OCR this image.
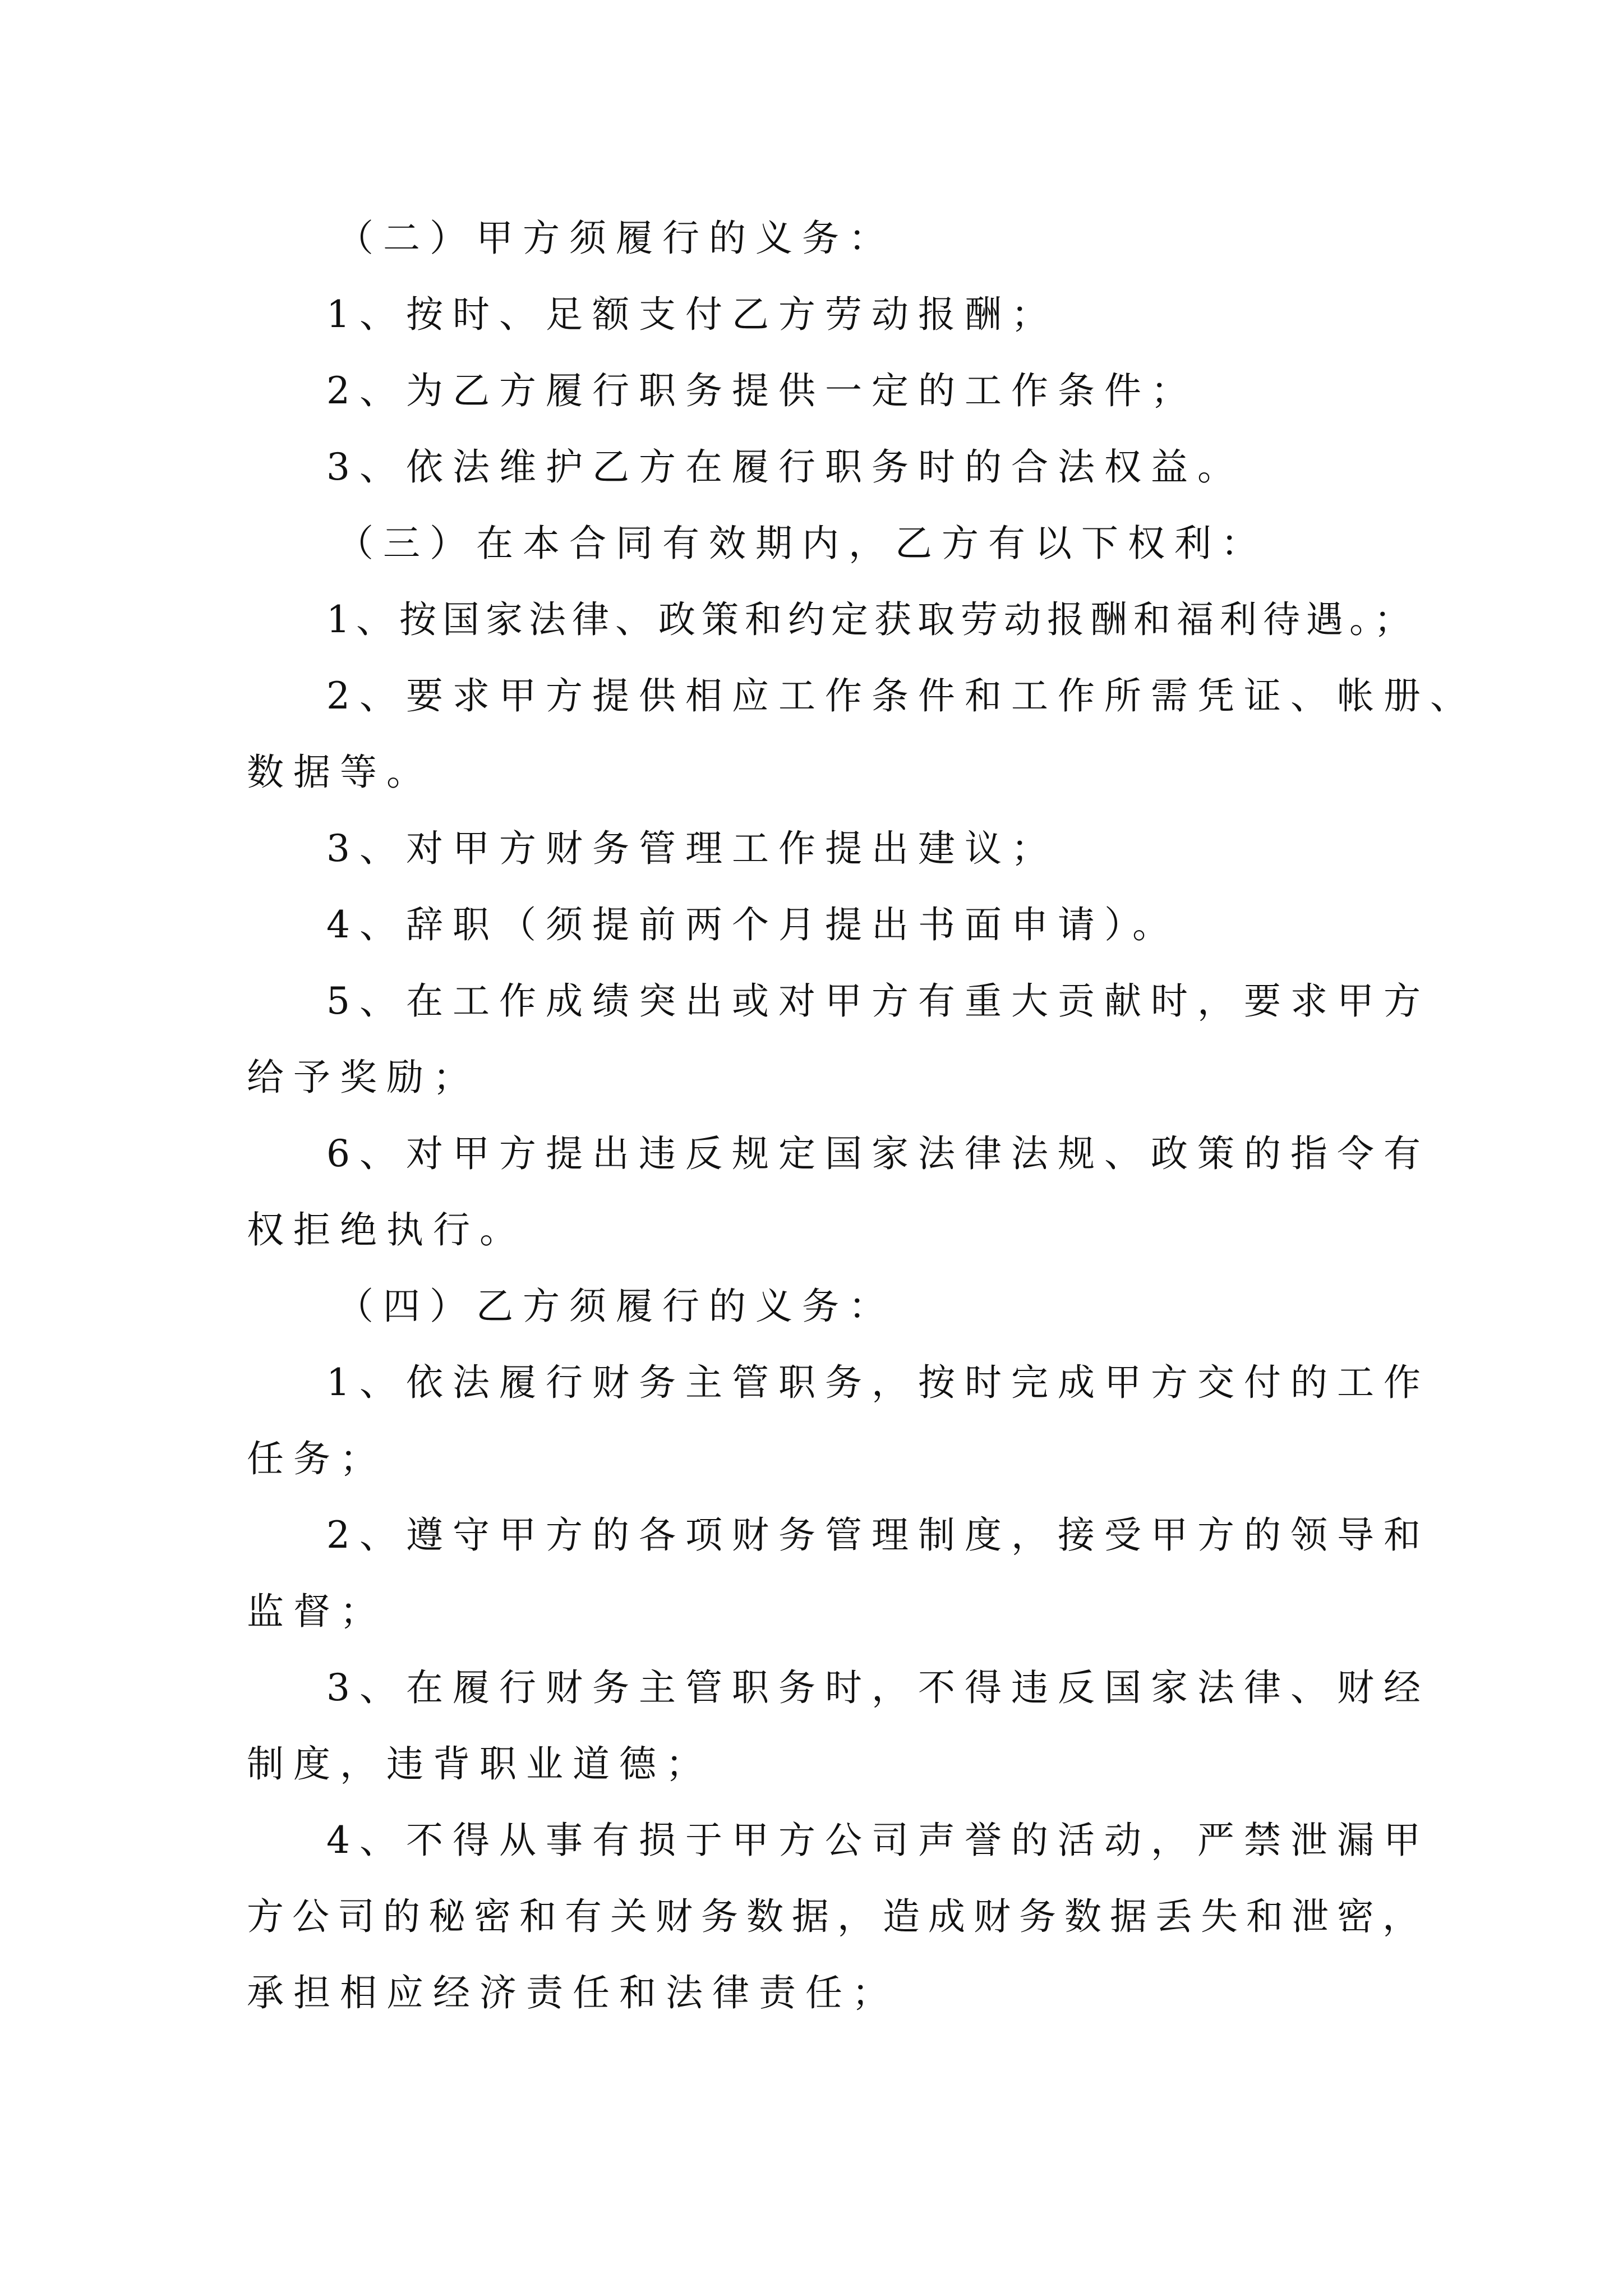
（二）甲方须履行的义务：
1、按时、足额支付乙方劳动报酬；
2、为乙方履行职务提供一定的工作条件；
3、依法维护乙方在履行职务时的合法权益。
（三）在本合同有效期内，乙方有以下权利：
1、按国家法律、政策和约定获取劳动报酬和福利待遇。；
2、要求甲方提供相应工作条件和工作所需凭证、帐册、
数据等。
3、对甲方财务管理工作提出建议；
4、辞职（须提前两个月提出书面申请）。
5、在工作成绩突出或对甲方有重大贡献时，要求甲方
给予奖励；
6、对甲方提出违反规定国家法律法规、政策的指令有
权拒绝执行。
（四）乙方须履行的义务：
1、依法履行财务主管职务，按时完成甲方交付的工作
任务；
2、遵守甲方的各项财务管理制度，接受甲方的领导和
监督；
3、在履行财务主管职务时，不得违反国家法律、财经
制度，违背职业道德；
4、不得从事有损于甲方公司声誉的活动，严禁泄漏甲
方公司的秘密和有关财务数据，造成财务数据丢失和泄密，
承担相应经济责任和法律责任；
